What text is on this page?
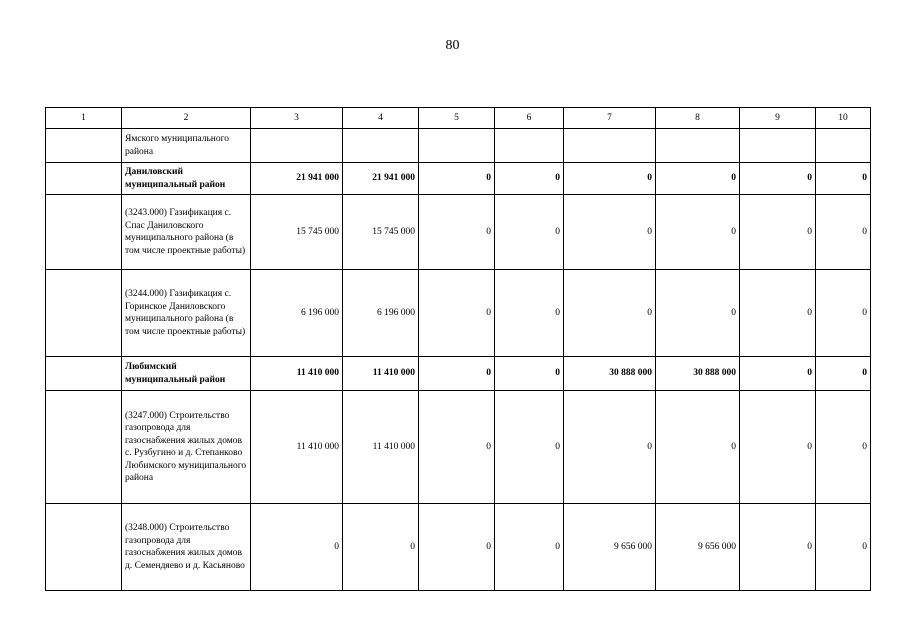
80
1	2	3	4	5	6	7	8	9	10
	Ямского муниципального района								
	Даниловский муниципальный район	21 941 000	21 941 000	0	0	0	0	0	0
	(3243.000) Газификация с. Спас Даниловского муниципального района (в том числе проектные работы)	15 745 000	15 745 000	0	0	0	0	0	0
	(3244.000) Газификация с. Горинское Даниловского муниципального района (в том числе проектные работы)	6 196 000	6 196 000	0	0	0	0	0	0
	Любимский муниципальный район	11 410 000	11 410 000	0	0	30 888 000	30 888 000	0	0
	(3247.000) Строительство газопровода для газоснабжения жилых домов с. Рузбугино и д. Степанково Любимского муниципального района	11 410 000	11 410 000	0	0	0	0	0	0
	(3248.000) Строительство газопровода для газоснабжения жилых домов д. Семендяево и д. Касьяново	0	0	0	0	9 656 000	9 656 000	0	0
